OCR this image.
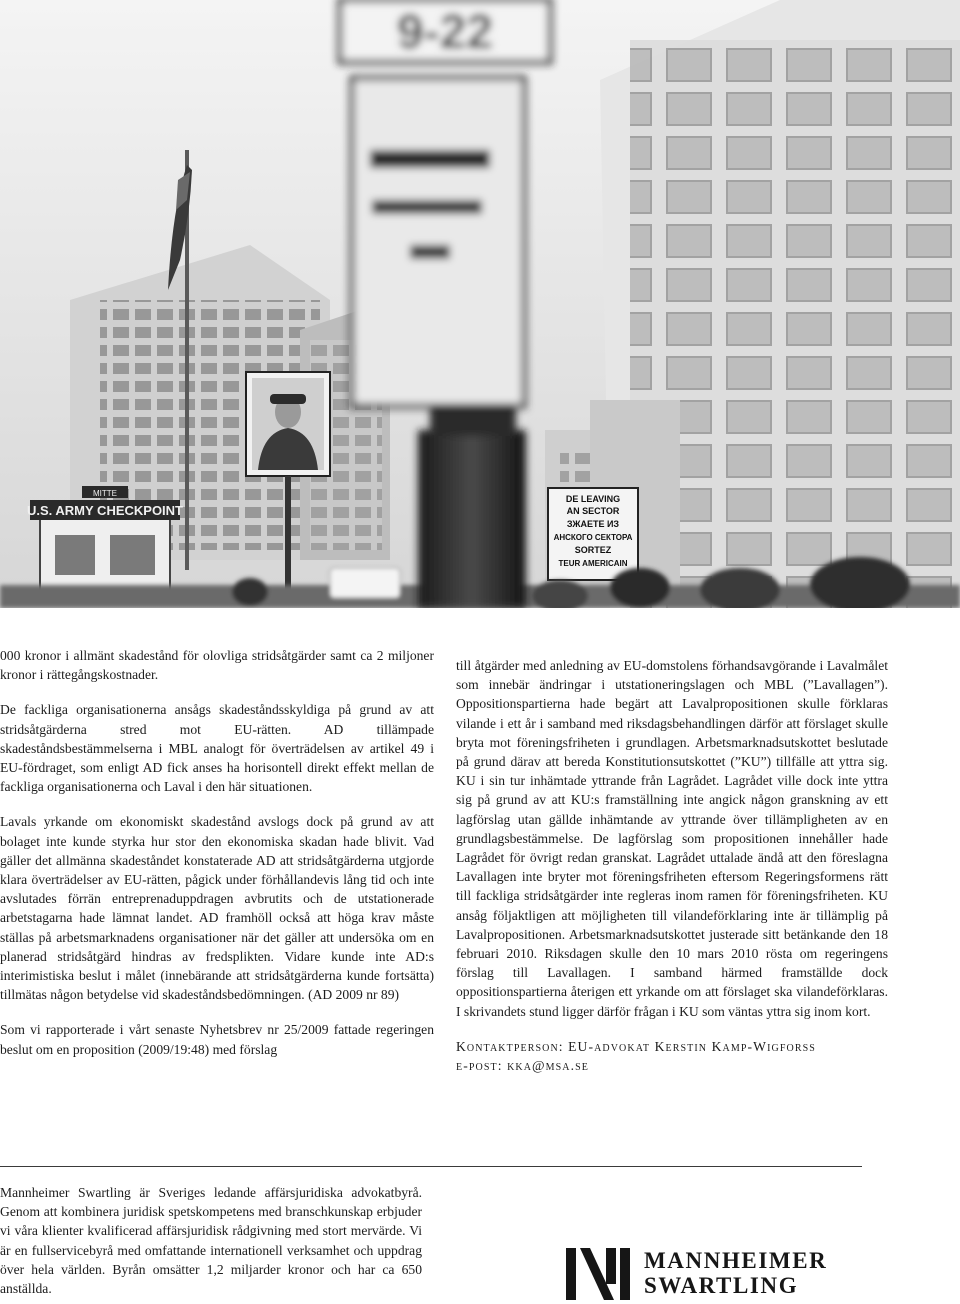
U.S. ARMY CHECKPOINT
MITTE
DE LEAVING
AN SECTOR
ЗЖАЕТЕ ИЗ
АНСКОГО СЕКТОРА
SORTEZ
TEUR AMERICAIN
9-22

000 kronor i allmänt skadestånd för olovliga stridsåtgärder samt ca 2 miljoner kronor i rättegångskostnader.

De fackliga organisationerna ansågs skadeståndsskyldiga på grund av att stridsåtgärderna stred mot EU-rätten. AD tillämpade skadeståndsbestämmelserna i MBL analogt för överträdelsen av artikel 49 i EU-fördraget, som enligt AD fick anses ha horisontell direkt effekt mellan de fackliga organisationerna och Laval i den här situationen.

Lavals yrkande om ekonomiskt skadestånd avslogs dock på grund av att bolaget inte kunde styrka hur stor den ekonomiska skadan hade blivit. Vad gäller det allmänna skadeståndet konstaterade AD att stridsåtgärderna utgjorde klara överträdelser av EU-rätten, pågick under förhållandevis lång tid och inte avslutades förrän entreprenaduppdragen avbrutits och de utstationerade arbetstagarna hade lämnat landet. AD framhöll också att höga krav måste ställas på arbetsmarknadens organisationer när det gäller att undersöka om en planerad stridsåtgärd hindras av fredsplikten. Vidare kunde inte AD:s interimistiska beslut i målet (innebärande att stridsåtgärderna kunde fortsätta) tillmätas någon betydelse vid skadeståndsbedömningen. (AD 2009 nr 89)

Som vi rapporterade i vårt senaste Nyhetsbrev nr 25/2009 fattade regeringen beslut om en proposition (2009/19:48) med förslag

till åtgärder med anledning av EU-domstolens förhandsavgörande i Lavalmålet som innebär ändringar i utstationeringslagen och MBL (”Lavallagen”). Oppositionspartierna hade begärt att Lavalpropositionen skulle förklaras vilande i ett år i samband med riksdagsbehandlingen därför att förslaget skulle bryta mot föreningsfriheten i grundlagen. Arbetsmarknadsutskottet beslutade på grund därav att bereda Konstitutionsutskottet (”KU”) tillfälle att yttra sig. KU i sin tur inhämtade yttrande från Lagrådet. Lagrådet ville dock inte yttra sig på grund av att KU:s framställning inte angick någon granskning av ett lagförslag utan gällde inhämtande av yttrande över tillämpligheten av en grundlagsbestämmelse. De lagförslag som propositionen innehåller hade Lagrådet för övrigt redan granskat. Lagrådet uttalade ändå att den föreslagna Lavallagen inte bryter mot föreningsfriheten eftersom Regeringsformens rätt till fackliga stridsåtgärder inte regleras inom ramen för föreningsfriheten. KU ansåg följaktligen att möjligheten till vilandeförklaring inte är tillämplig på Lavalpropositionen. Arbetsmarknadsutskottet justerade sitt betänkande den 18 februari 2010. Riksdagen skulle den 10 mars 2010 rösta om regeringens förslag till Lavallagen. I samband härmed framställde dock oppositionspartierna återigen ett yrkande om att förslaget ska vilandeförklaras. I skrivandets stund ligger därför frågan i KU som väntas yttra sig inom kort.

Kontaktperson: EU-advokat Kerstin Kamp-Wigforss
e-post: kka@msa.se
Mannheimer Swartling är Sveriges ledande affärsjuridiska advokatbyrå. Genom att kombinera juridisk spetskompetens med branschkunskap erbjuder vi våra klienter kvalificerad affärsjuridisk rådgivning med stort mervärde. Vi är en fullservicebyrå med omfattande internationell verksamhet och uppdrag över hela världen. Byrån omsätter 1,2 miljarder kronor och har ca 650 anställda.
MANNHEIMER
SWARTLING
